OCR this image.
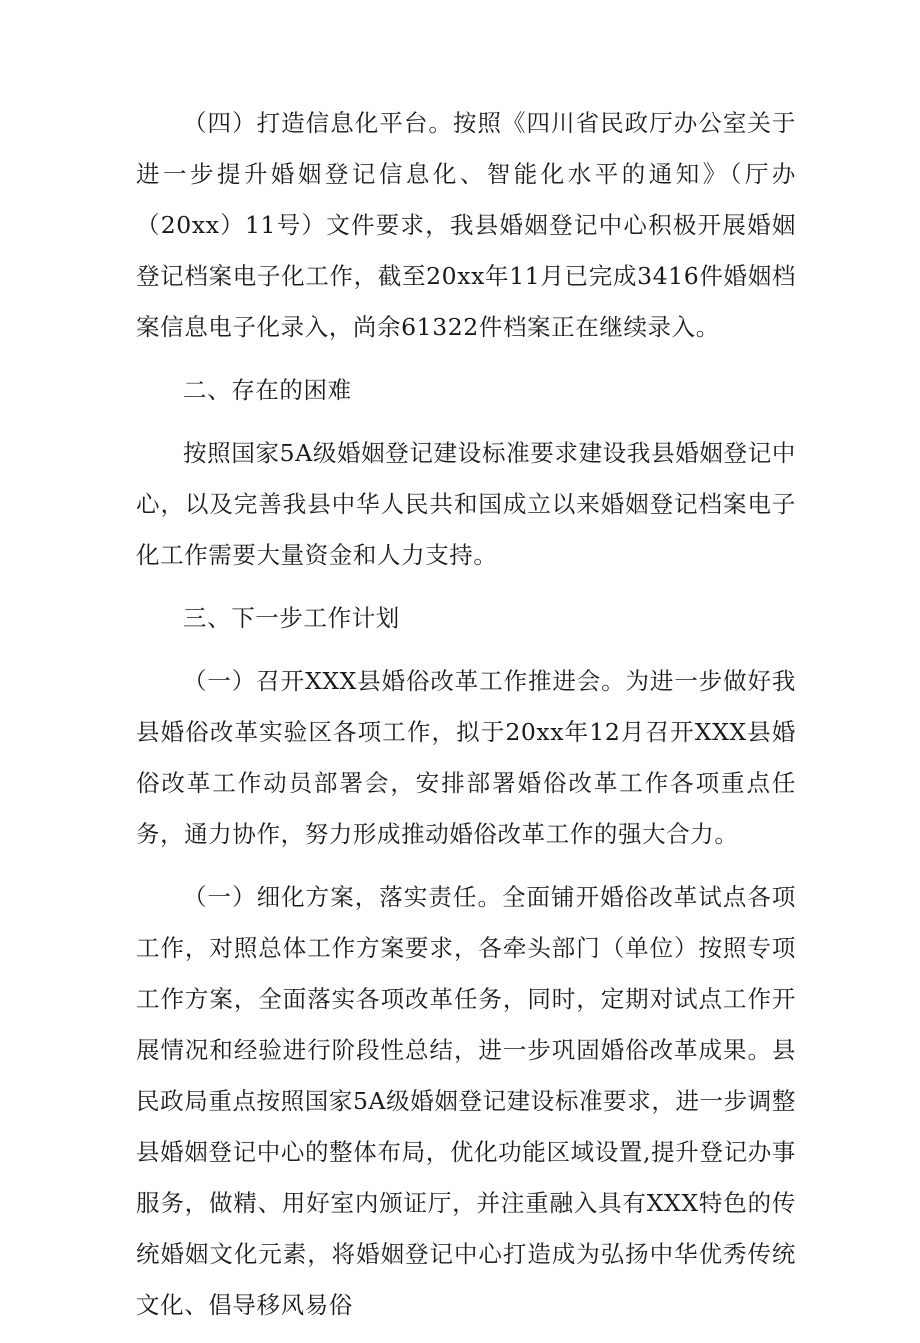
（四）打造信息化平台。按照《四川省民政厅办公室关于进一步提升婚姻登记信息化、智能化水平的通知》（厅办（20xx）11号）文件要求，我县婚姻登记中心积极开展婚姻登记档案电子化工作，截至20xx年11月已完成3416件婚姻档案信息电子化录入，尚余61322件档案正在继续录入。

二、存在的困难

按照国家5A级婚姻登记建设标准要求建设我县婚姻登记中心，以及完善我县中华人民共和国成立以来婚姻登记档案电子化工作需要大量资金和人力支持。

三、下一步工作计划

（一）召开XXX县婚俗改革工作推进会。为进一步做好我县婚俗改革实验区各项工作，拟于20xx年12月召开XXX县婚俗改革工作动员部署会，安排部署婚俗改革工作各项重点任务，通力协作，努力形成推动婚俗改革工作的强大合力。

（一）细化方案，落实责任。全面铺开婚俗改革试点各项工作，对照总体工作方案要求，各牵头部门（单位）按照专项工作方案，全面落实各项改革任务，同时，定期对试点工作开展情况和经验进行阶段性总结，进一步巩固婚俗改革成果。县民政局重点按照国家5A级婚姻登记建设标准要求，进一步调整县婚姻登记中心的整体布局，优化功能区域设置,提升登记办事服务，做精、用好室内颁证厅，并注重融入具有XXX特色的传统婚姻文化元素，将婚姻登记中心打造成为弘扬中华优秀传统文化、倡导移风易俗
